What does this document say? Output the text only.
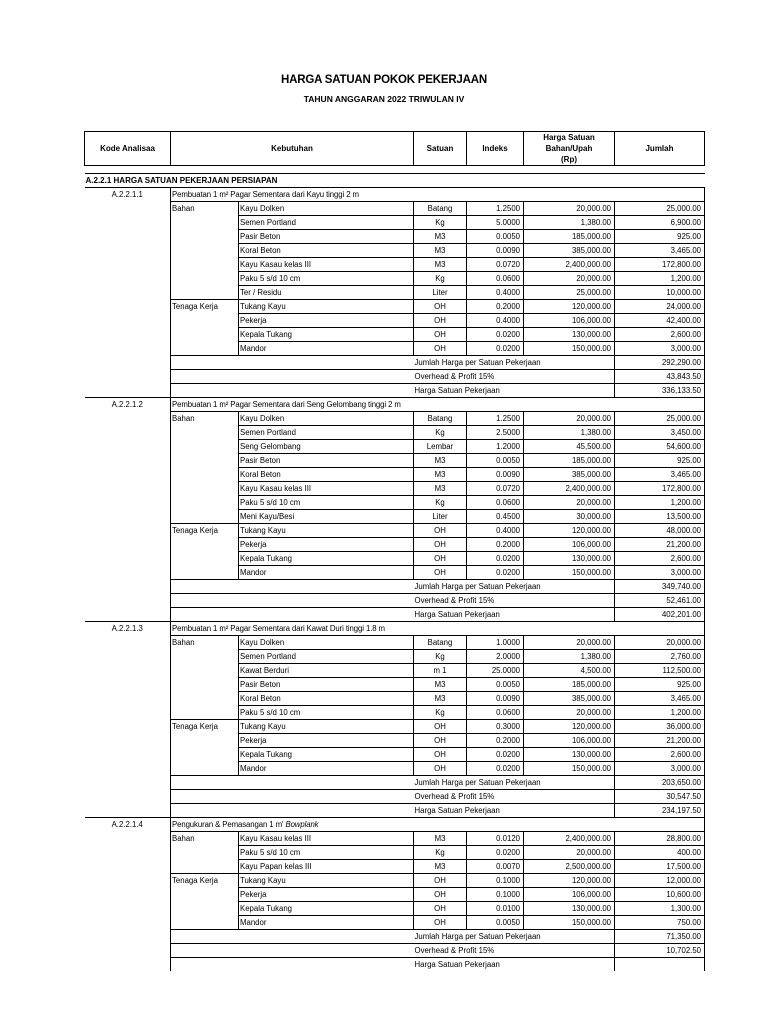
HARGA SATUAN POKOK PEKERJAAN
TAHUN ANGGARAN 2022 TRIWULAN IV
Kode Analisaa	Kebutuhan		Satuan	Indeks	Harga Satuan
Bahan/Upah
(Rp)	Jumlah

A.2.2.1 HARGA SATUAN PEKERJAAN PERSIAPAN						
A.2.2.1.1	Pembuatan 1 m² Pagar Sementara dari Kayu tinggi 2 m					
	Bahan	Kayu Dolken	Batang	1.2500	20,000.00	25,000.00
		Semen Portland	Kg	5.0000	1,380.00	6,900.00
		Pasir Beton	M3	0.0050	185,000.00	925.00
		Koral Beton	M3	0.0090	385,000.00	3,465.00
		Kayu Kasau kelas III	M3	0.0720	2,400,000.00	172,800.00
		Paku 5 s/d 10 cm	Kg	0.0600	20,000.00	1,200.00
		Ter / Residu	Liter	0.4000	25,000.00	10,000.00
	Tenaga Kerja	Tukang Kayu	OH	0.2000	120,000.00	24,000.00
		Pekerja	OH	0.4000	106,000.00	42,400.00
		Kepala Tukang	OH	0.0200	130,000.00	2,600.00
		Mandor	OH	0.0200	150,000.00	3,000.00
			Jumlah Harga per Satuan Pekerjaan			292,290.00
			Overhead & Profit 15%			43,843.50
			Harga Satuan Pekerjaan			336,133.50
A.2.2.1.2	Pembuatan 1 m² Pagar Sementara dari Seng Gelombang tinggi 2 m					
	Bahan	Kayu Dolken	Batang	1.2500	20,000.00	25,000.00
		Semen Portland	Kg	2.5000	1,380.00	3,450.00
		Seng Gelombang	Lembar	1.2000	45,500.00	54,600.00
		Pasir Beton	M3	0.0050	185,000.00	925.00
		Koral Beton	M3	0.0090	385,000.00	3,465.00
		Kayu Kasau kelas III	M3	0.0720	2,400,000.00	172,800.00
		Paku 5 s/d 10 cm	Kg	0.0600	20,000.00	1,200.00
		Meni Kayu/Besi	Liter	0.4500	30,000.00	13,500.00
	Tenaga Kerja	Tukang Kayu	OH	0.4000	120,000.00	48,000.00
		Pekerja	OH	0.2000	106,000.00	21,200.00
		Kepala Tukang	OH	0.0200	130,000.00	2,600.00
		Mandor	OH	0.0200	150,000.00	3,000.00
			Jumlah Harga per Satuan Pekerjaan			349,740.00
			Overhead & Profit 15%			52,461.00
			Harga Satuan Pekerjaan			402,201.00
A.2.2.1.3	Pembuatan 1 m² Pagar Sementara dari Kawat Duri tinggi 1.8 m					
	Bahan	Kayu Dolken	Batang	1.0000	20,000.00	20,000.00
		Semen Portland	Kg	2.0000	1,380.00	2,760.00
		Kawat Berduri	m 1	25.0000	4,500.00	112,500.00
		Pasir Beton	M3	0.0050	185,000.00	925.00
		Koral Beton	M3	0.0090	385,000.00	3,465.00
		Paku 5 s/d 10 cm	Kg	0.0600	20,000.00	1,200.00
	Tenaga Kerja	Tukang Kayu	OH	0.3000	120,000.00	36,000.00
		Pekerja	OH	0.2000	106,000.00	21,200.00
		Kepala Tukang	OH	0.0200	130,000.00	2,600.00
		Mandor	OH	0.0200	150,000.00	3,000.00
			Jumlah Harga per Satuan Pekerjaan			203,650.00
			Overhead & Profit 15%			30,547.50
			Harga Satuan Pekerjaan			234,197.50
A.2.2.1.4	Pengukuran & Pemasangan 1 m' Bowplank					
	Bahan	Kayu Kasau kelas III	M3	0.0120	2,400,000.00	28,800.00
		Paku 5 s/d 10 cm	Kg	0.0200	20,000.00	400.00
		Kayu Papan kelas III	M3	0.0070	2,500,000.00	17,500.00
	Tenaga Kerja	Tukang Kayu	OH	0.1000	120,000.00	12,000.00
		Pekerja	OH	0.1000	106,000.00	10,600.00
		Kepala Tukang	OH	0.0100	130,000.00	1,300.00
		Mandor	OH	0.0050	150,000.00	750.00
			Jumlah Harga per Satuan Pekerjaan			71,350.00
			Overhead & Profit 15%			10,702.50
			Harga Satuan Pekerjaan			
